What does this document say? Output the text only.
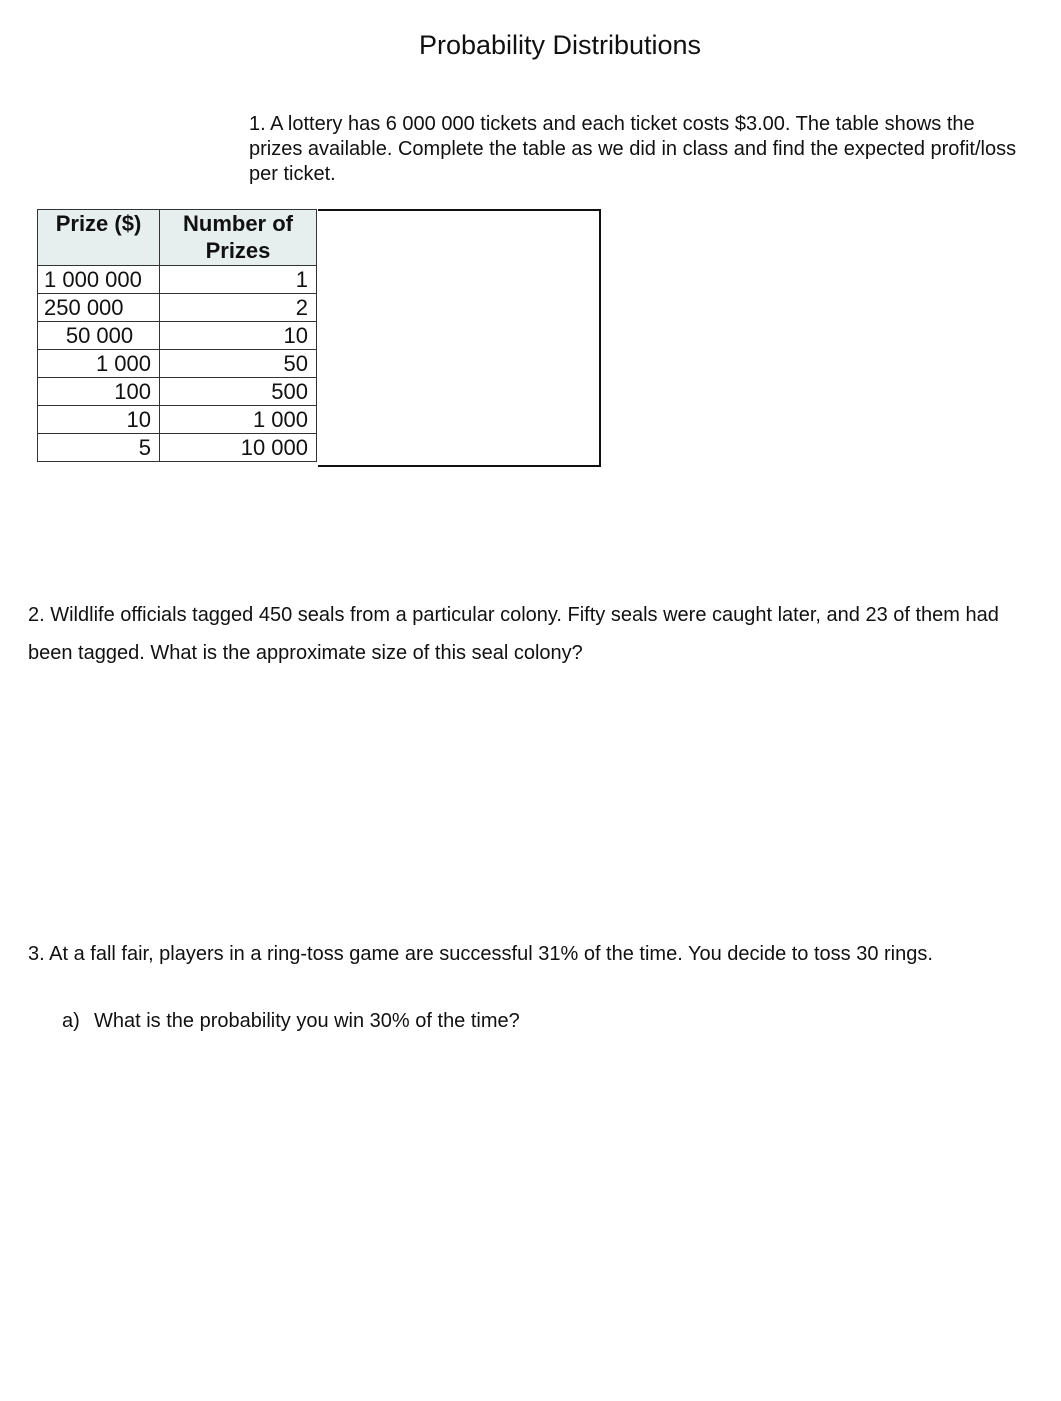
Probability Distributions

1. A lottery has 6 000 000 tickets and each ticket costs $3.00. The table shows the prizes available. Complete the table as we did in class and find the expected profit/loss per ticket.

Prize ($)	Number of Prizes
1 000 000	1
250 000	2
50 000	10
1 000	50
100	500
10	1 000
5	10 000

2. Wildlife officials tagged 450 seals from a particular colony. Fifty seals were caught later, and 23 of them had been tagged. What is the approximate size of this seal colony?

3. At a fall fair, players in a ring-toss game are successful 31% of the time. You decide to toss 30 rings.

a) What is the probability you win 30% of the time?
